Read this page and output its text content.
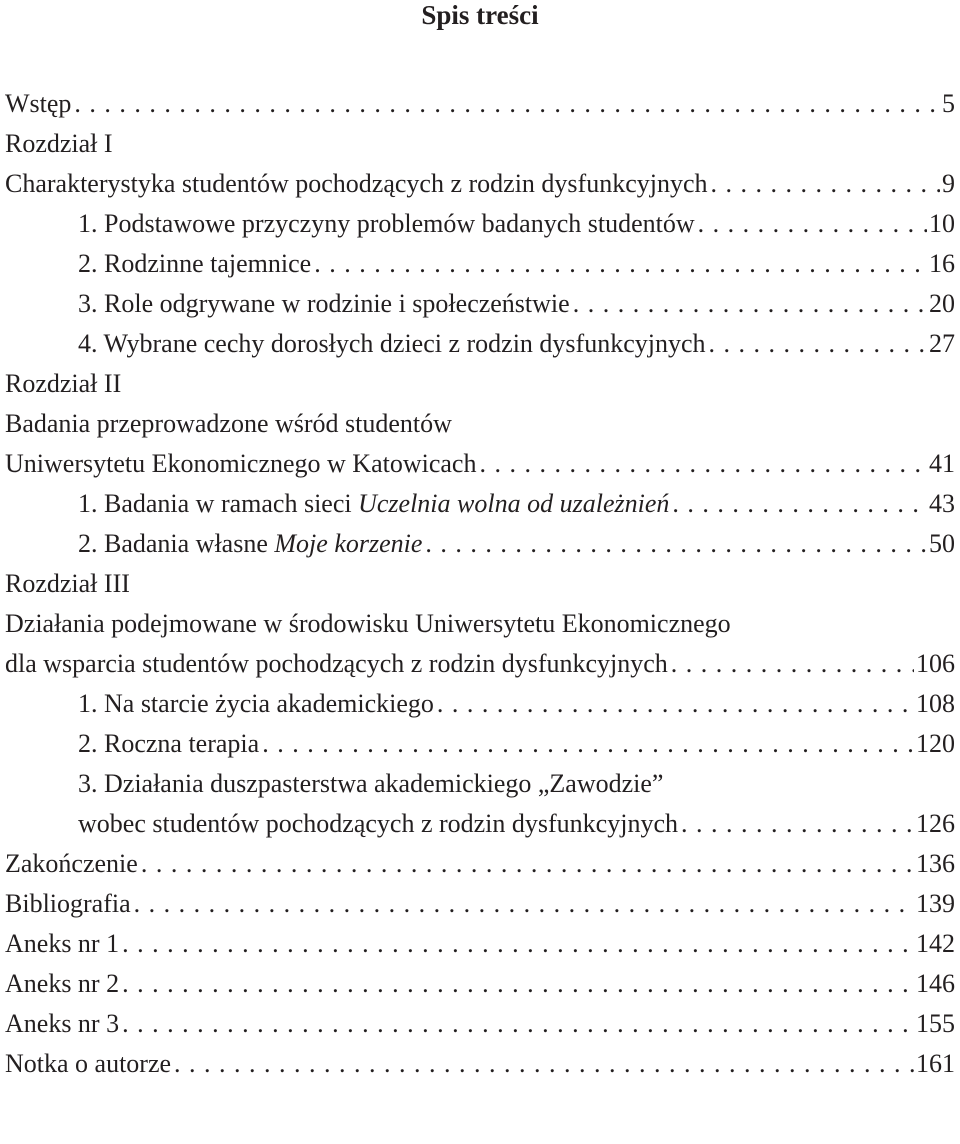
Spis treści
Wstęp . . .	5
Rozdział I
Charakterystyka studentów pochodzących z rodzin dysfunkcyjnych . . .	9
1. Podstawowe przyczyny problemów badanych studentów . . .	10
2. Rodzinne tajemnice . . .	16
3. Role odgrywane w rodzinie i społeczeństwie . . .	20
4. Wybrane cechy dorosłych dzieci z rodzin dysfunkcyjnych . . .	27
Rozdział II
Badania przeprowadzone wśród studentów
Uniwersytetu Ekonomicznego w Katowicach . . .	41
1. Badania w ramach sieci Uczelnia wolna od uzależnień . . .	43
2. Badania własne Moje korzenie . . .	50
Rozdział III
Działania podejmowane w środowisku Uniwersytetu Ekonomicznego
dla wsparcia studentów pochodzących z rodzin dysfunkcyjnych . . .	106
1. Na starcie życia akademickiego . . .	108
2. Roczna terapia . . .	120
3. Działania duszpasterstwa akademickiego „Zawodzie”
wobec studentów pochodzących z rodzin dysfunkcyjnych . . .	126
Zakończenie . . .	136
Bibliografia . . .	139
Aneks nr 1 . . .	142
Aneks nr 2 . . .	146
Aneks nr 3 . . .	155
Notka o autorze . . .	161
